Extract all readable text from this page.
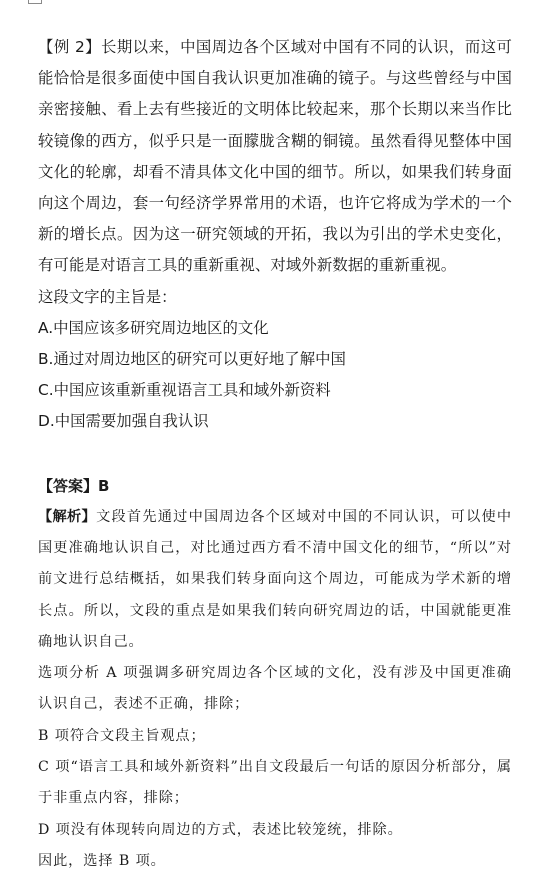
【例 2】长期以来，中国周边各个区域对中国有不同的认识，而这可能恰恰是很多面使中国自我认识更加准确的镜子。与这些曾经与中国亲密接触、看上去有些接近的文明体比较起来，那个长期以来当作比较镜像的西方，似乎只是一面朦胧含糊的铜镜。虽然看得见整体中国文化的轮廓，却看不清具体文化中国的细节。所以，如果我们转身面向这个周边，套一句经济学界常用的术语，也许它将成为学术的一个新的增长点。因为这一研究领域的开拓，我以为引出的学术史变化，有可能是对语言工具的重新重视、对域外新数据的重新重视。

这段文字的主旨是：

A.中国应该多研究周边地区的文化

B.通过对周边地区的研究可以更好地了解中国

C.中国应该重新重视语言工具和域外新资料

D.中国需要加强自我认识

【答案】B

【解析】文段首先通过中国周边各个区域对中国的不同认识，可以使中国更准确地认识自己，对比通过西方看不清中国文化的细节，“所以”对前文进行总结概括，如果我们转身面向这个周边，可能成为学术新的增长点。所以，文段的重点是如果我们转向研究周边的话，中国就能更准确地认识自己。

选项分析 A 项强调多研究周边各个区域的文化，没有涉及中国更准确认识自己，表述不正确，排除；

B 项符合文段主旨观点；

C 项“语言工具和域外新资料”出自文段最后一句话的原因分析部分，属于非重点内容，排除；

D 项没有体现转向周边的方式，表述比较笼统，排除。

因此，选择 B 项。
